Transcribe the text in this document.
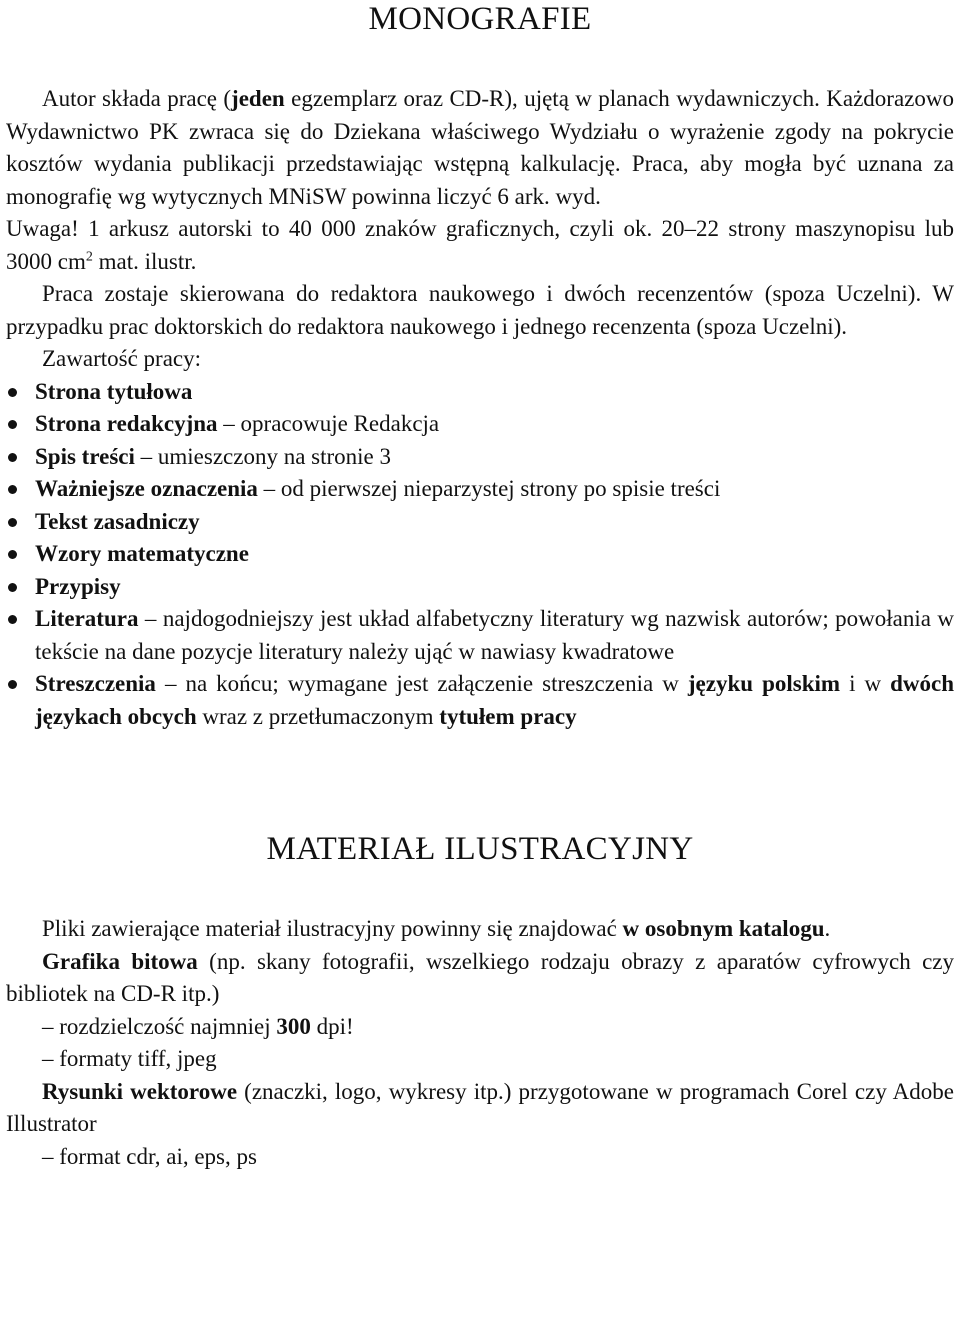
MONOGRAFIE

Autor składa pracę (jeden egzemplarz oraz CD-R), ujętą w planach wydawniczych. Każdorazowo Wydawnictwo PK zwraca się do Dziekana właściwego Wydziału o wyrażenie zgody na pokrycie kosztów wydania publikacji przedstawiając wstępną kalkulację. Praca, aby mogła być uznana za monografię wg wytycznych MNiSW powinna liczyć 6 ark. wyd.

Uwaga! 1 arkusz autorski to 40 000 znaków graficznych, czyli ok. 20–22 strony maszynopisu lub 3000 $cm^2$ mat. ilustr.

Praca zostaje skierowana do redaktora naukowego i dwóch recenzentów (spoza Uczelni). W przypadku prac doktorskich do redaktora naukowego i jednego recenzenta (spoza Uczelni).

Zawartość pracy:

Strona tytułowa
Strona redakcyjna – opracowuje Redakcja
Spis treści – umieszczony na stronie 3
Ważniejsze oznaczenia – od pierwszej nieparzystej strony po spisie treści
Tekst zasadniczy
Wzory matematyczne
Przypisy
Literatura – najdogodniejszy jest układ alfabetyczny literatury wg nazwisk autorów; powołania w tekście na dane pozycje literatury należy ująć w nawiasy kwadratowe
Streszczenia – na końcu; wymagane jest załączenie streszczenia w języku polskim i w dwóch językach obcych wraz z przetłumaczonym tytułem pracy
MATERIAŁ ILUSTRACYJNY

Pliki zawierające materiał ilustracyjny powinny się znajdować w osobnym katalogu.

Grafika bitowa (np. skany fotografii, wszelkiego rodzaju obrazy z aparatów cyfrowych czy bibliotek na CD-R itp.)

– rozdzielczość najmniej 300 dpi!

– formaty tiff, jpeg

Rysunki wektorowe (znaczki, logo, wykresy itp.) przygotowane w programach Corel czy Adobe Illustrator

– format cdr, ai, eps, ps
